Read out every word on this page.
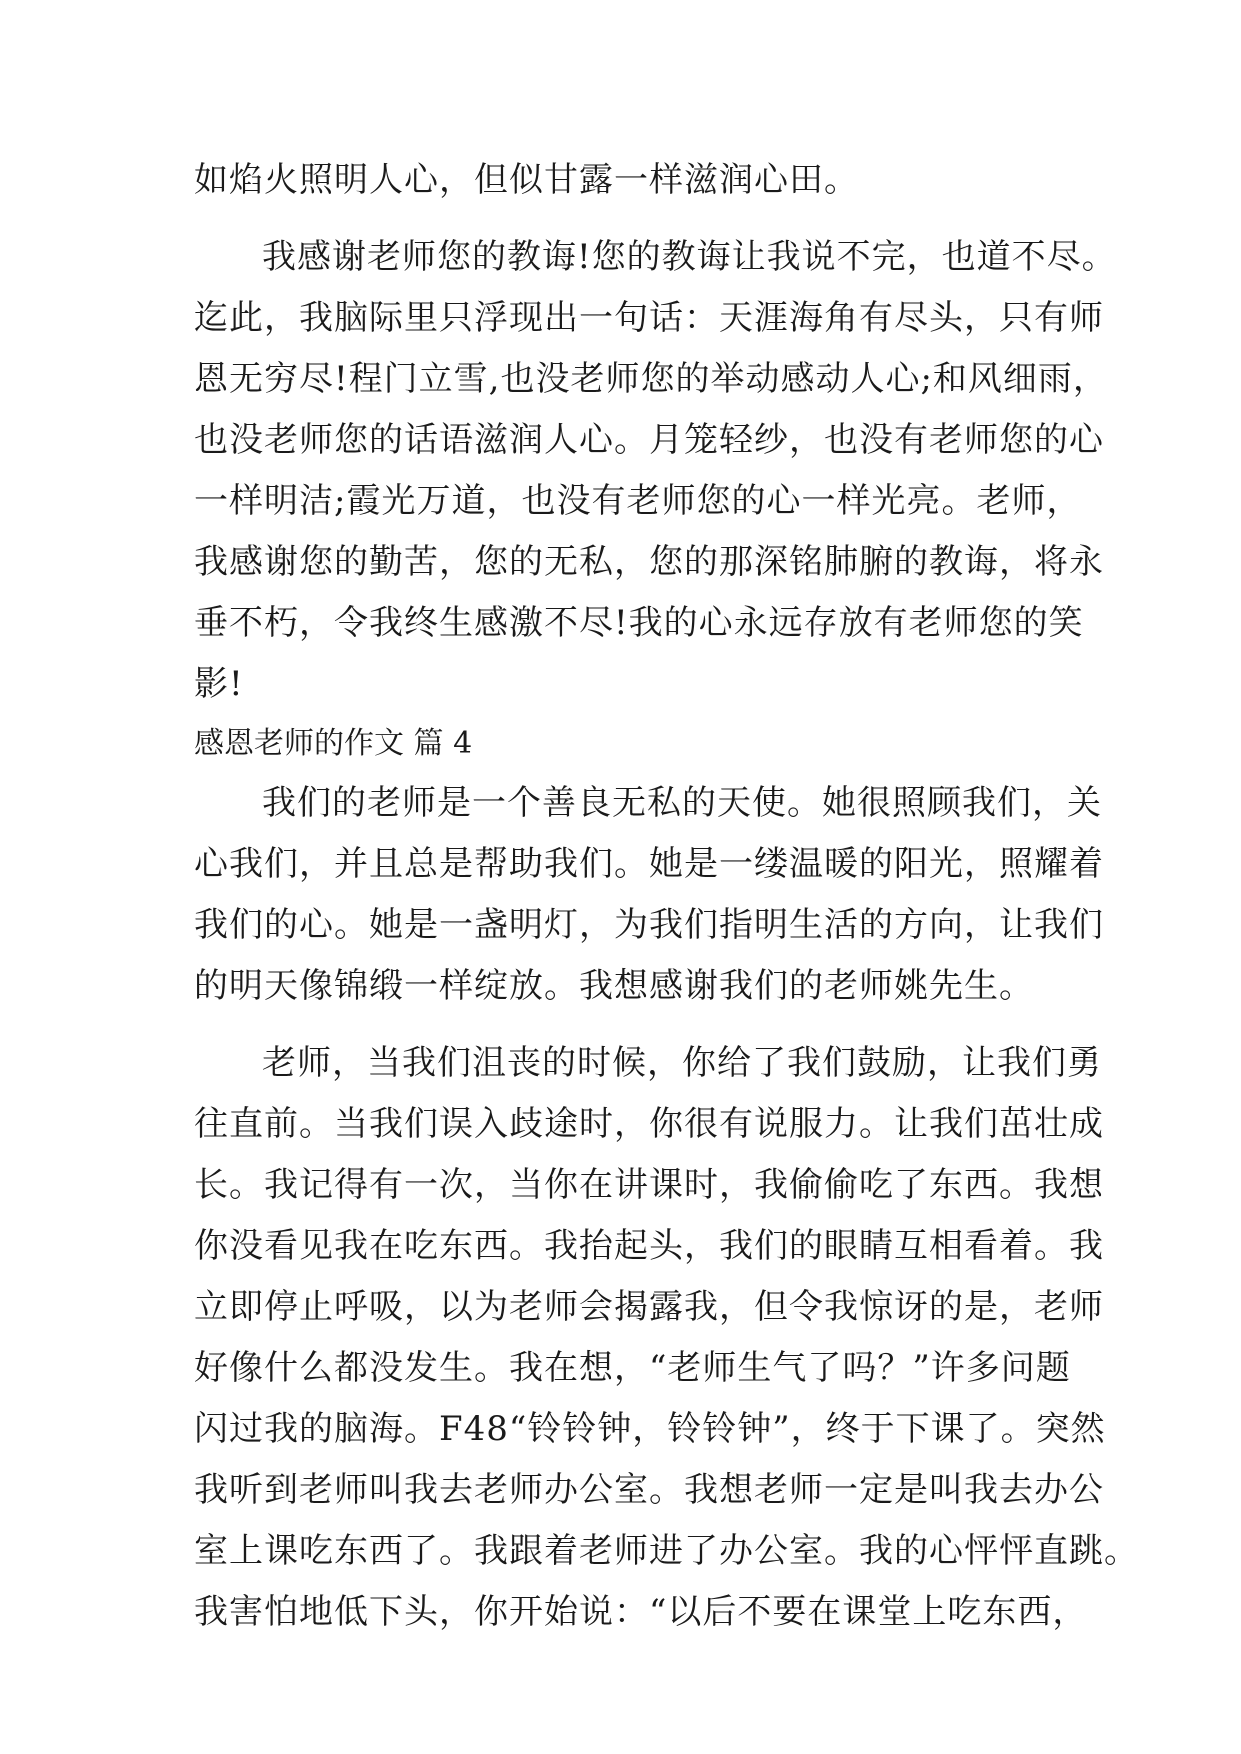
如焰火照明人心，但似甘露一样滋润心田。
我感谢老师您的教诲!您的教诲让我说不完，也道不尽。
迄此，我脑际里只浮现出一句话：天涯海角有尽头，只有师
恩无穷尽!程门立雪,也没老师您的举动感动人心;和风细雨，
也没老师您的话语滋润人心。月笼轻纱，也没有老师您的心
一样明洁;霞光万道，也没有老师您的心一样光亮。老师，
我感谢您的勤苦，您的无私，您的那深铭肺腑的教诲，将永
垂不朽，令我终生感激不尽!我的心永远存放有老师您的笑
影!
感恩老师的作文 篇 4
我们的老师是一个善良无私的天使。她很照顾我们，关
心我们，并且总是帮助我们。她是一缕温暖的阳光，照耀着
我们的心。她是一盏明灯，为我们指明生活的方向，让我们
的明天像锦缎一样绽放。我想感谢我们的老师姚先生。
老师，当我们沮丧的时候，你给了我们鼓励，让我们勇
往直前。当我们误入歧途时，你很有说服力。让我们茁壮成
长。我记得有一次，当你在讲课时，我偷偷吃了东西。我想
你没看见我在吃东西。我抬起头，我们的眼睛互相看着。我
立即停止呼吸，以为老师会揭露我，但令我惊讶的是，老师
好像什么都没发生。我在想，“老师生气了吗？”许多问题
闪过我的脑海。F48“铃铃钟，铃铃钟”，终于下课了。突然
我听到老师叫我去老师办公室。我想老师一定是叫我去办公
室上课吃东西了。我跟着老师进了办公室。我的心怦怦直跳。
我害怕地低下头，你开始说：“以后不要在课堂上吃东西，
